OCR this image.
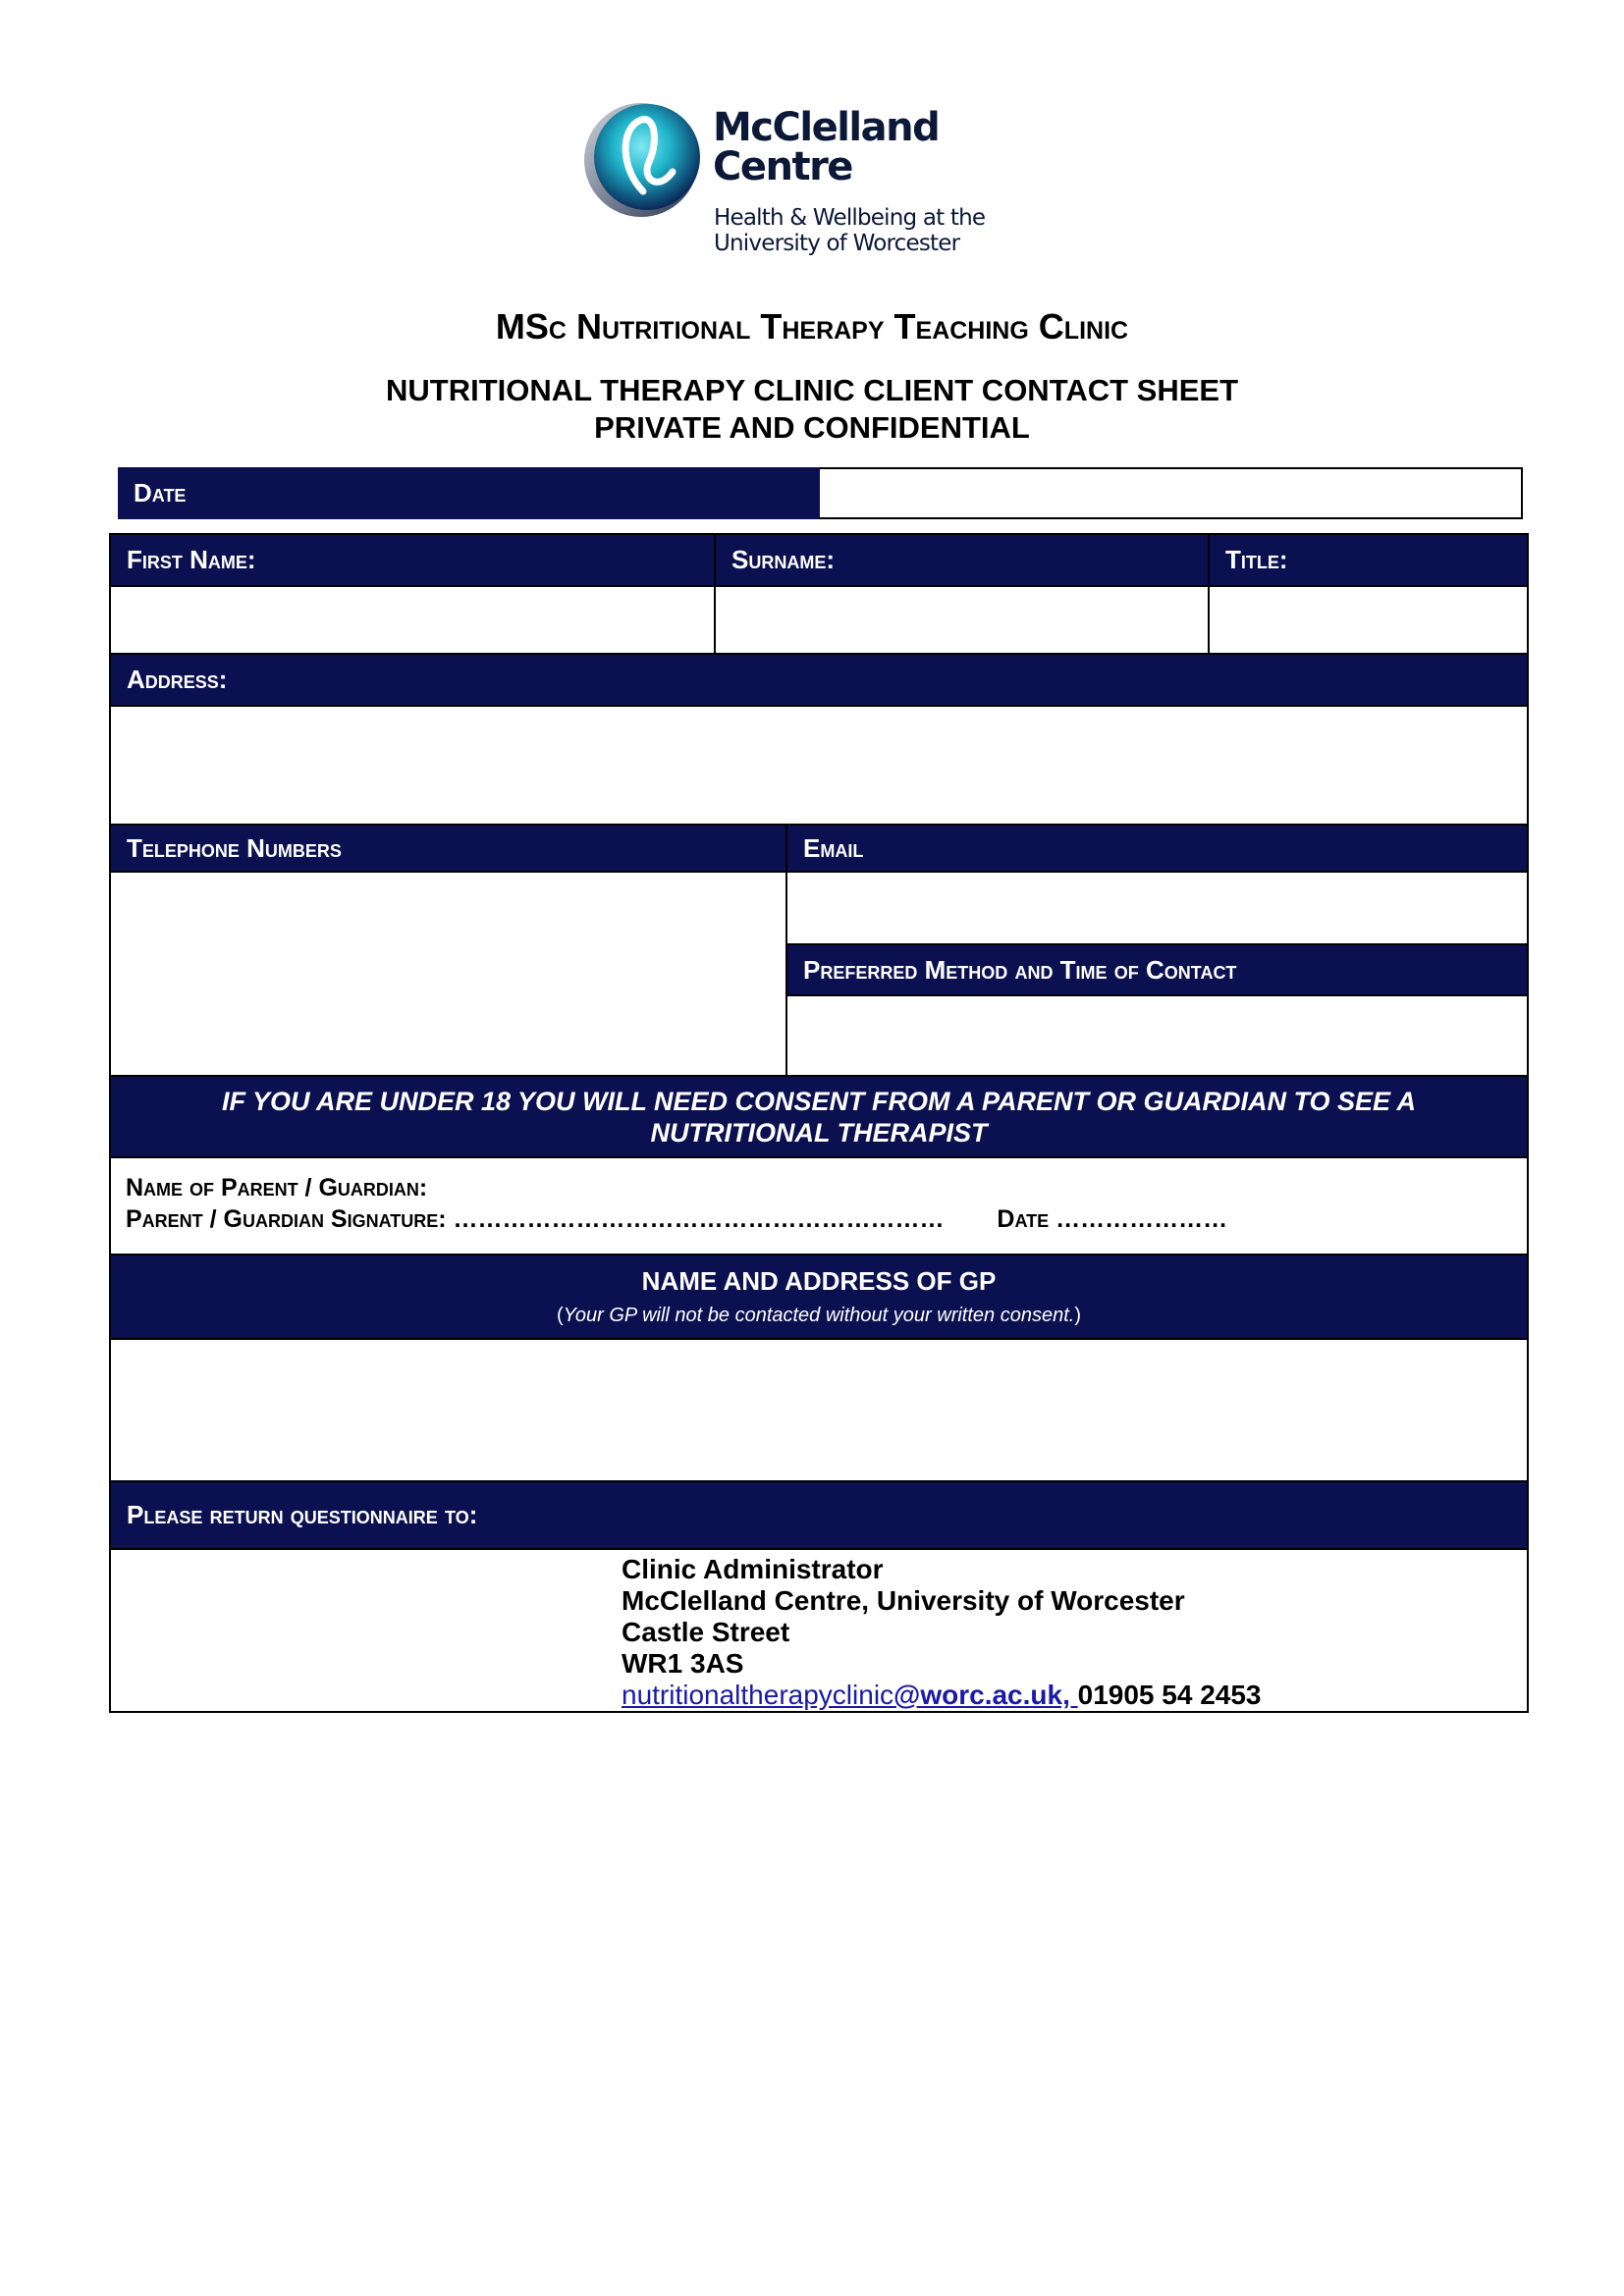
McClelland
Centre
Health & Wellbeing at the
University of Worcester
MSc Nutritional Therapy Teaching Clinic
NUTRITIONAL THERAPY CLINIC CLIENT CONTACT SHEET
PRIVATE AND CONFIDENTIAL
Date
First Name:	Surname:	Title:
Address:
Telephone Numbers	Email
Preferred Method and Time of Contact
IF YOU ARE UNDER 18 YOU WILL NEED CONSENT FROM A PARENT OR GUARDIAN TO SEE A
NUTRITIONAL THERAPIST
Name of Parent / Guardian:
Parent / Guardian Signature: …………………………………………………… Date …………………
NAME AND ADDRESS OF GP
(Your GP will not be contacted without your written consent.)
Please return questionnaire to:
Clinic Administrator
McClelland Centre, University of Worcester
Castle Street
WR1 3AS
nutritionaltherapyclinic@worc.ac.uk, 01905 54 2453
